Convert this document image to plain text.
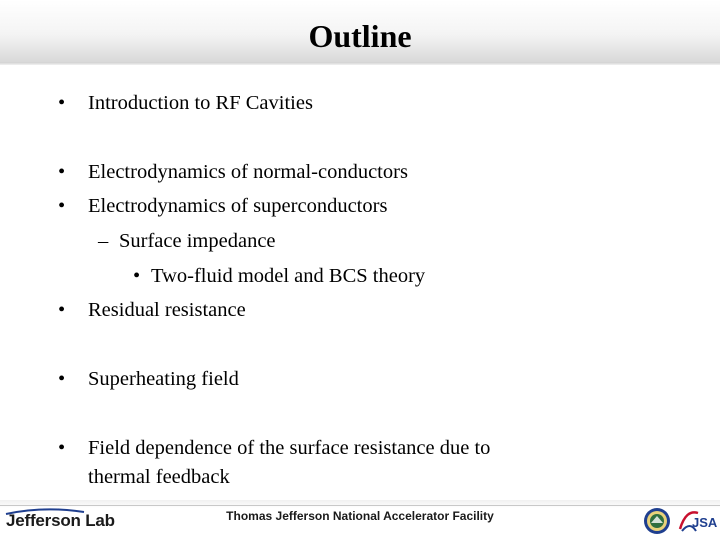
Outline
• Introduction to RF Cavities
• Electrodynamics of normal-conductors
• Electrodynamics of superconductors
– Surface impedance
• Two-fluid model and BCS theory
• Residual resistance
• Superheating field
• Field dependence of the surface resistance due to
thermal feedback
Jefferson Lab	Thomas Jefferson National Accelerator Facility	JSA
